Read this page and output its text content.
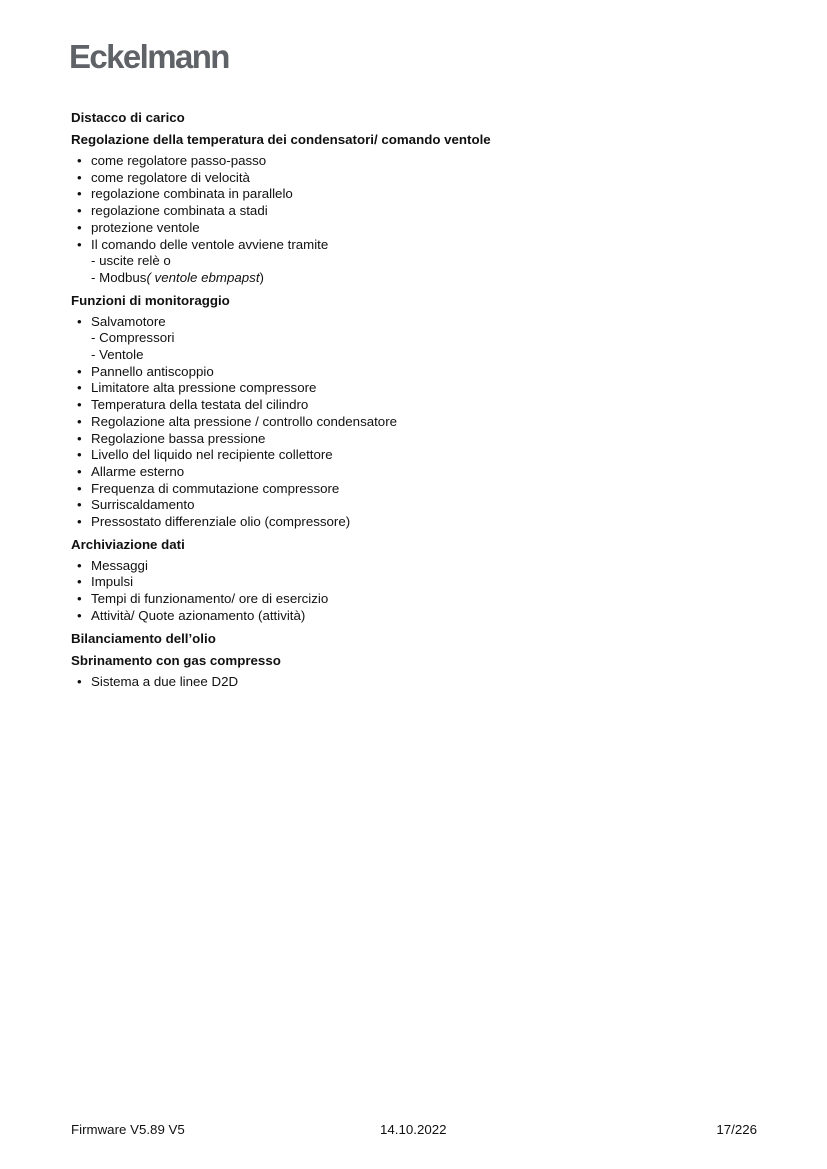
Eckelmann
Distacco di carico
Regolazione della temperatura dei condensatori/ comando ventole
• come regolatore passo-passo
• come regolatore di velocità
• regolazione combinata in parallelo
• regolazione combinata a stadi
• protezione ventole
• Il comando delle ventole avviene tramite
- uscite relè o
- Modbus( ventole ebmpapst)
Funzioni di monitoraggio
• Salvamotore
- Compressori
- Ventole
• Pannello antiscoppio
• Limitatore alta pressione compressore
• Temperatura della testata del cilindro
• Regolazione alta pressione / controllo condensatore
• Regolazione bassa pressione
• Livello del liquido nel recipiente collettore
• Allarme esterno
• Frequenza di commutazione compressore
• Surriscaldamento
• Pressostato differenziale olio (compressore)
Archiviazione dati
• Messaggi
• Impulsi
• Tempi di funzionamento/ ore di esercizio
• Attività/ Quote azionamento (attività)
Bilanciamento dell’olio
Sbrinamento con gas compresso
• Sistema a due linee D2D
Firmware V5.89 V5	14.10.2022	17/226
